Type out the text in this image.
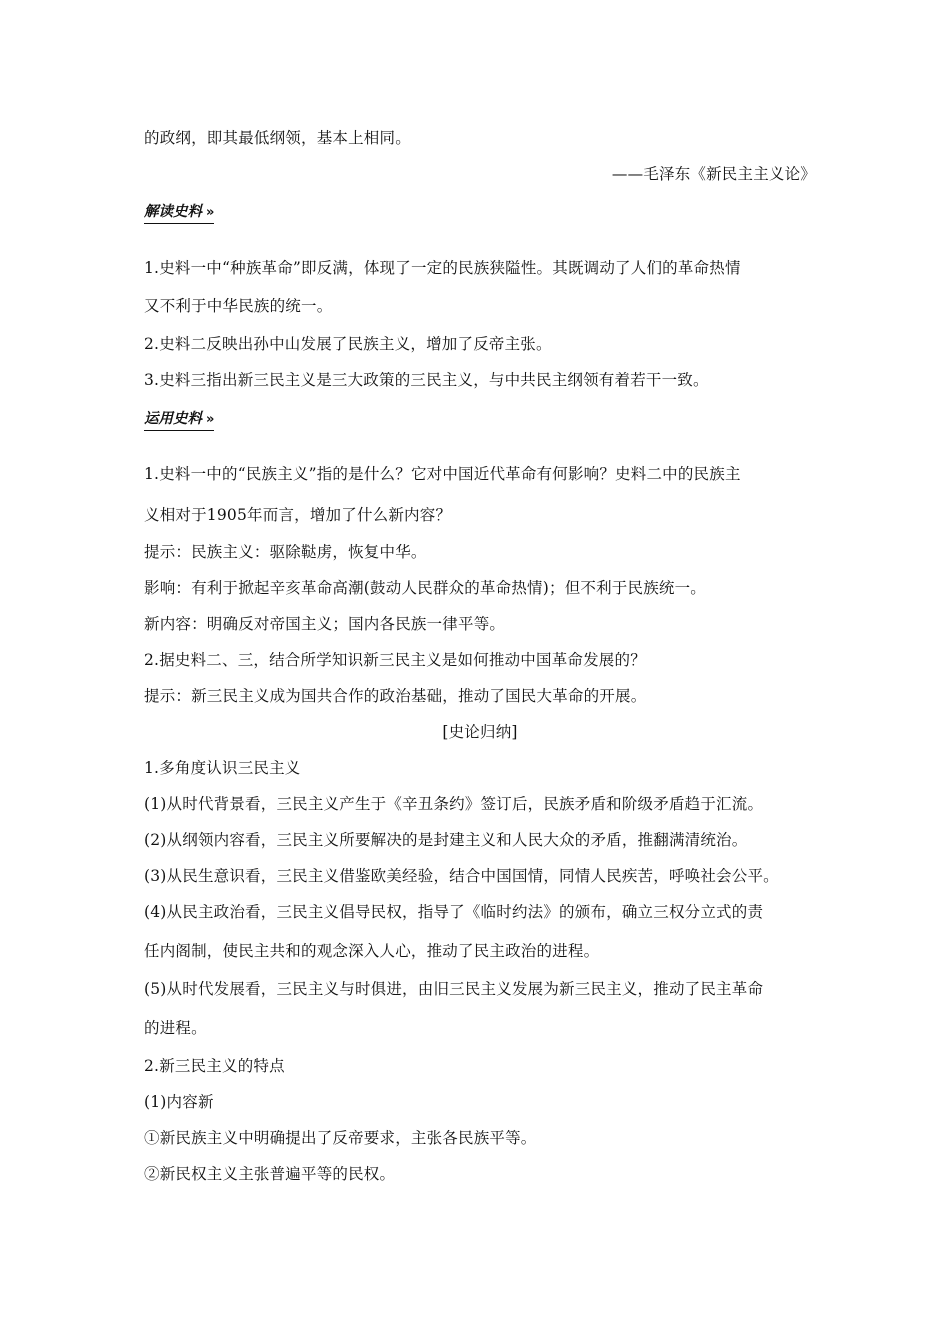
的政纲，即其最低纲领，基本上相同。
——毛泽东《新民主主义论》
解读史料 »
1.史料一中“种族革命”即反满，体现了一定的民族狭隘性。其既调动了人们的革命热情
又不利于中华民族的统一。
2.史料二反映出孙中山发展了民族主义，增加了反帝主张。
3.史料三指出新三民主义是三大政策的三民主义，与中共民主纲领有着若干一致。
运用史料 »
1.史料一中的“民族主义”指的是什么？它对中国近代革命有何影响？史料二中的民族主
义相对于1905年而言，增加了什么新内容？
提示：民族主义：驱除鞑虏，恢复中华。
影响：有利于掀起辛亥革命高潮(鼓动人民群众的革命热情)；但不利于民族统一。
新内容：明确反对帝国主义；国内各民族一律平等。
2.据史料二、三，结合所学知识新三民主义是如何推动中国革命发展的？
提示：新三民主义成为国共合作的政治基础，推动了国民大革命的开展。
[史论归纳]
1.多角度认识三民主义
(1)从时代背景看，三民主义产生于《辛丑条约》签订后，民族矛盾和阶级矛盾趋于汇流。
(2)从纲领内容看，三民主义所要解决的是封建主义和人民大众的矛盾，推翻满清统治。
(3)从民生意识看，三民主义借鉴欧美经验，结合中国国情，同情人民疾苦，呼唤社会公平。
(4)从民主政治看，三民主义倡导民权，指导了《临时约法》的颁布，确立三权分立式的责
任内阁制，使民主共和的观念深入人心，推动了民主政治的进程。
(5)从时代发展看，三民主义与时俱进，由旧三民主义发展为新三民主义，推动了民主革命
的进程。
2.新三民主义的特点
(1)内容新
①新民族主义中明确提出了反帝要求，主张各民族平等。
②新民权主义主张普遍平等的民权。
